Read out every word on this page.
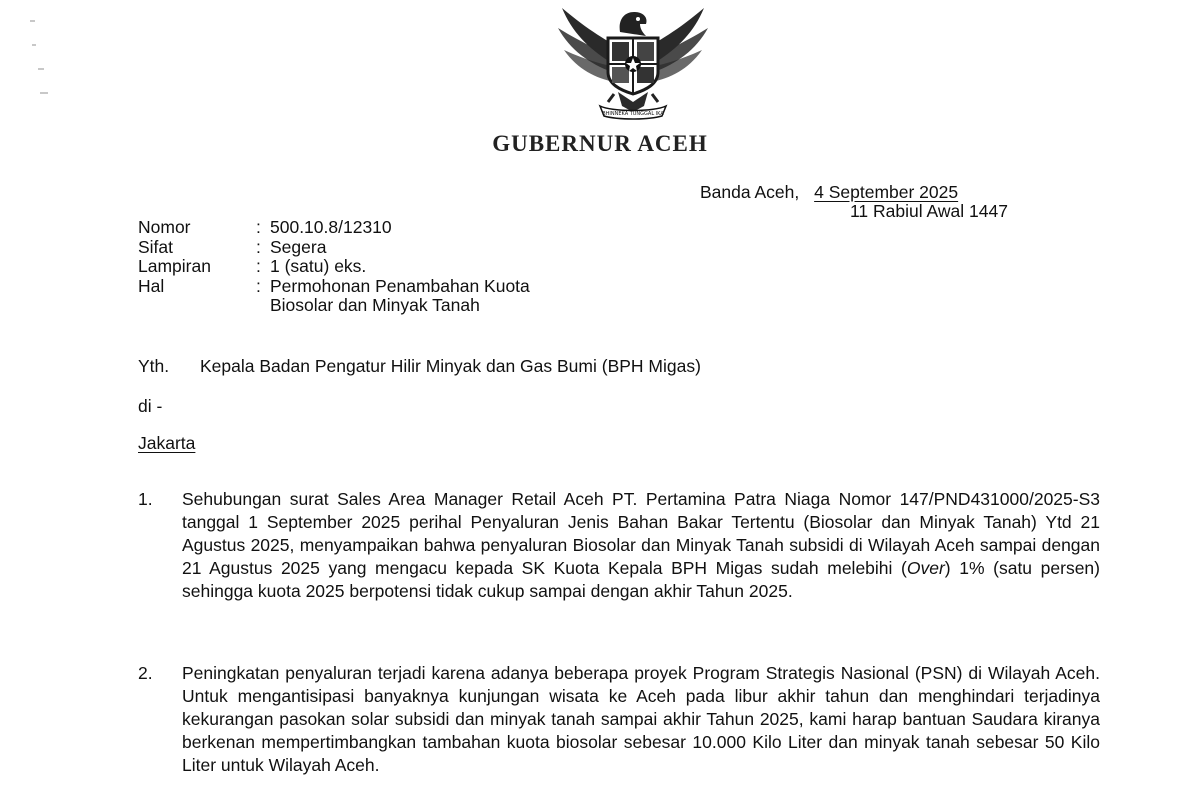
BHINNEKA TUNGGAL IKA
GUBERNUR ACEH
Banda Aceh, 4 September 2025
11 Rabiul Awal 1447
Nomor	: 500.10.8/12310
Sifat	: Segera
Lampiran	: 1 (satu) eks.
Hal	: Permohonan Penambahan Kuota
Biosolar dan Minyak Tanah
Yth. Kepala Badan Pengatur Hilir Minyak dan Gas Bumi (BPH Migas)
di -
Jakarta
1.	Sehubungan surat Sales Area Manager Retail Aceh PT. Pertamina Patra Niaga Nomor 147/PND431000/2025-S3 tanggal 1 September 2025 perihal Penyaluran Jenis Bahan Bakar Tertentu (Biosolar dan Minyak Tanah) Ytd 21 Agustus 2025, menyampaikan bahwa penyaluran Biosolar dan Minyak Tanah subsidi di Wilayah Aceh sampai dengan 21 Agustus 2025 yang mengacu kepada SK Kuota Kepala BPH Migas sudah melebihi (Over) 1% (satu persen) sehingga kuota 2025 berpotensi tidak cukup sampai dengan akhir Tahun 2025.
2.	Peningkatan penyaluran terjadi karena adanya beberapa proyek Program Strategis Nasional (PSN) di Wilayah Aceh. Untuk mengantisipasi banyaknya kunjungan wisata ke Aceh pada libur akhir tahun dan menghindari terjadinya kekurangan pasokan solar subsidi dan minyak tanah sampai akhir Tahun 2025, kami harap bantuan Saudara kiranya berkenan mempertimbangkan tambahan kuota biosolar sebesar 10.000 Kilo Liter dan minyak tanah sebesar 50 Kilo Liter untuk Wilayah Aceh.
